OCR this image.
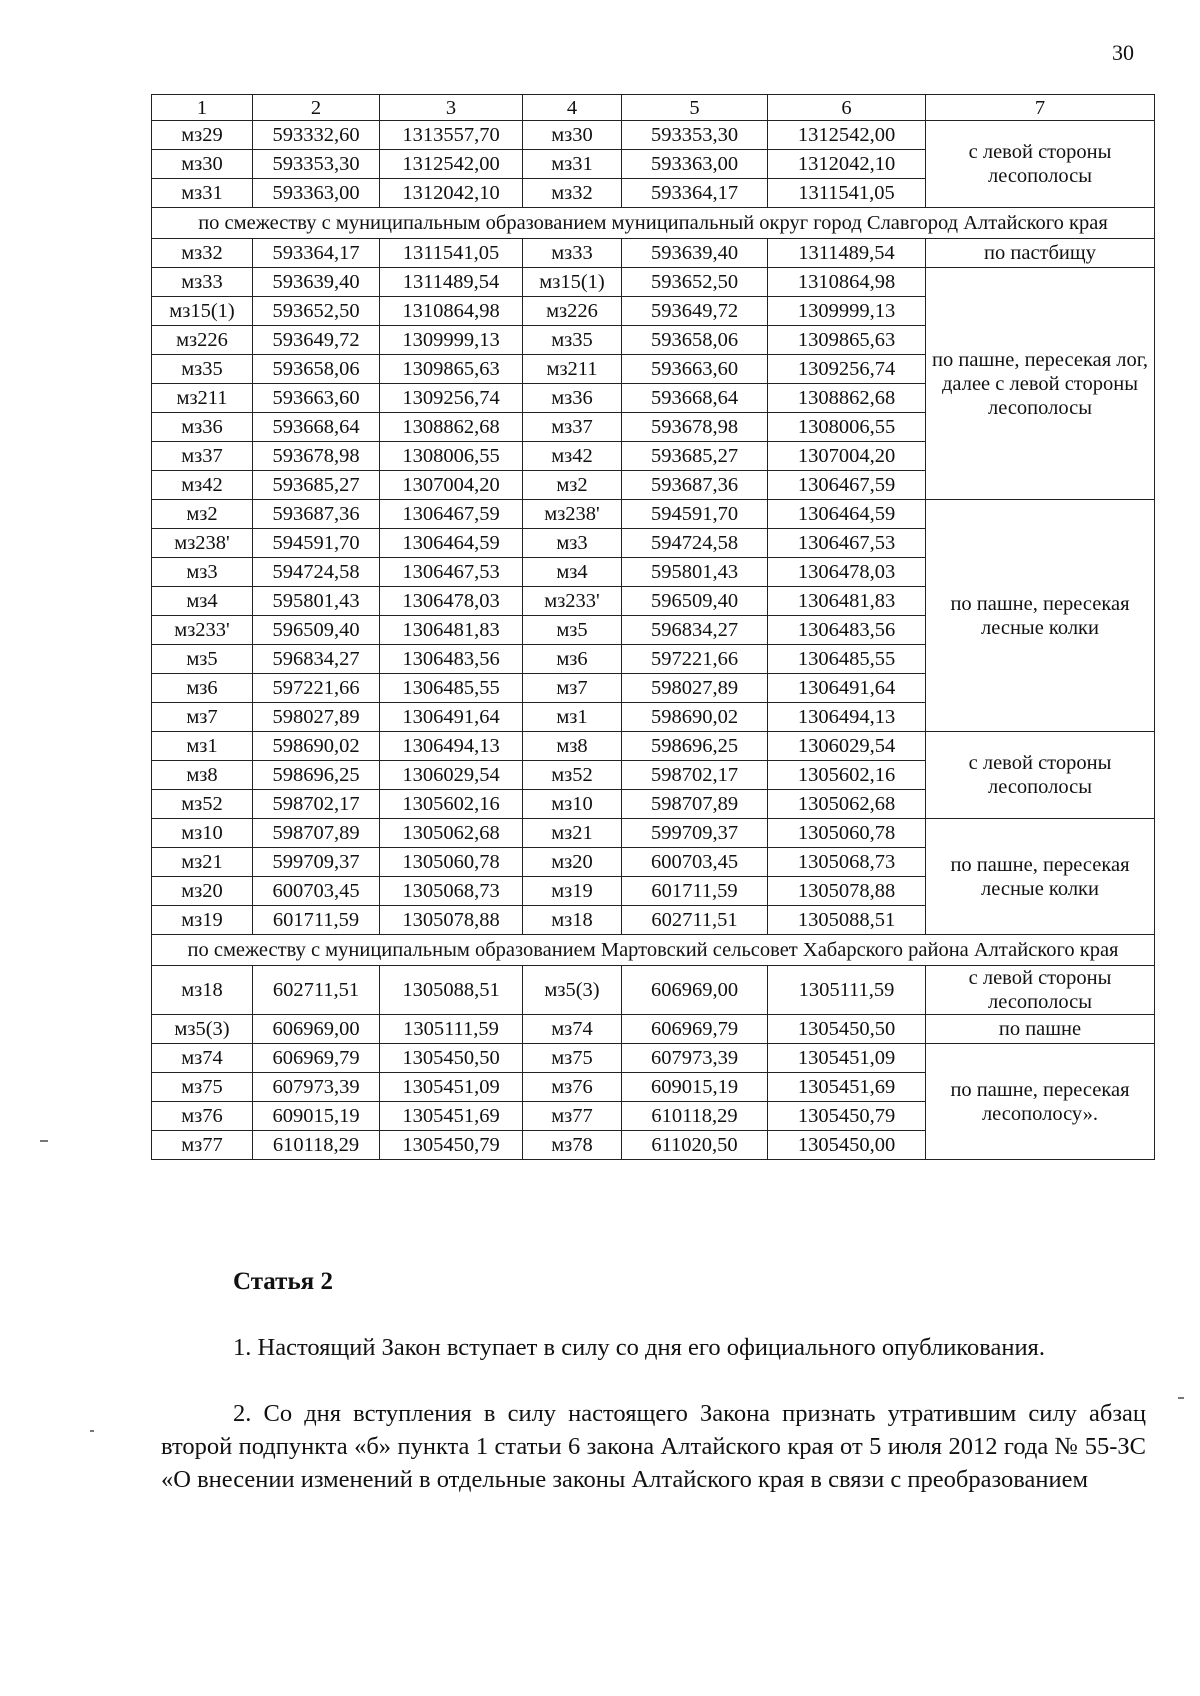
30
1	2	3	4	5	6	7
мз29	593332,60	1313557,70	мз30	593353,30	1312542,00	с левой стороны лесополосы
мз30	593353,30	1312542,00	мз31	593363,00	1312042,10	
мз31	593363,00	1312042,10	мз32	593364,17	1311541,05	
по смежеству с муниципальным образованием муниципальный округ город Славгород Алтайского края						
мз32	593364,17	1311541,05	мз33	593639,40	1311489,54	по пастбищу
мз33	593639,40	1311489,54	мз15(1)	593652,50	1310864,98	по пашне, пересекая лог, далее с левой стороны лесополосы
мз15(1)	593652,50	1310864,98	мз226	593649,72	1309999,13	
мз226	593649,72	1309999,13	мз35	593658,06	1309865,63	
мз35	593658,06	1309865,63	мз211	593663,60	1309256,74	
мз211	593663,60	1309256,74	мз36	593668,64	1308862,68	
мз36	593668,64	1308862,68	мз37	593678,98	1308006,55	
мз37	593678,98	1308006,55	мз42	593685,27	1307004,20	
мз42	593685,27	1307004,20	мз2	593687,36	1306467,59	
мз2	593687,36	1306467,59	мз238'	594591,70	1306464,59	по пашне, пересекая лесные колки
мз238'	594591,70	1306464,59	мз3	594724,58	1306467,53	
мз3	594724,58	1306467,53	мз4	595801,43	1306478,03	
мз4	595801,43	1306478,03	мз233'	596509,40	1306481,83	
мз233'	596509,40	1306481,83	мз5	596834,27	1306483,56	
мз5	596834,27	1306483,56	мз6	597221,66	1306485,55	
мз6	597221,66	1306485,55	мз7	598027,89	1306491,64	
мз7	598027,89	1306491,64	мз1	598690,02	1306494,13	
мз1	598690,02	1306494,13	мз8	598696,25	1306029,54	с левой стороны лесополосы
мз8	598696,25	1306029,54	мз52	598702,17	1305602,16	
мз52	598702,17	1305602,16	мз10	598707,89	1305062,68	
мз10	598707,89	1305062,68	мз21	599709,37	1305060,78	по пашне, пересекая лесные колки
мз21	599709,37	1305060,78	мз20	600703,45	1305068,73	
мз20	600703,45	1305068,73	мз19	601711,59	1305078,88	
мз19	601711,59	1305078,88	мз18	602711,51	1305088,51	
по смежеству с муниципальным образованием Мартовский сельсовет Хабарского района Алтайского края						
мз18	602711,51	1305088,51	мз5(3)	606969,00	1305111,59	с левой стороны лесополосы
мз5(3)	606969,00	1305111,59	мз74	606969,79	1305450,50	по пашне
мз74	606969,79	1305450,50	мз75	607973,39	1305451,09	по пашне, пересекая лесополосу».
мз75	607973,39	1305451,09	мз76	609015,19	1305451,69	
мз76	609015,19	1305451,69	мз77	610118,29	1305450,79	
мз77	610118,29	1305450,79	мз78	611020,50	1305450,00	
Статья 2
1. Настоящий Закон вступает в силу со дня его официального опубликования.
2. Со дня вступления в силу настоящего Закона признать утратившим силу абзац второй подпункта «б» пункта 1 статьи 6 закона Алтайского края от 5 июля 2012 года № 55-ЗС «О внесении изменений в отдельные законы Алтайского края в связи с преобразованием
